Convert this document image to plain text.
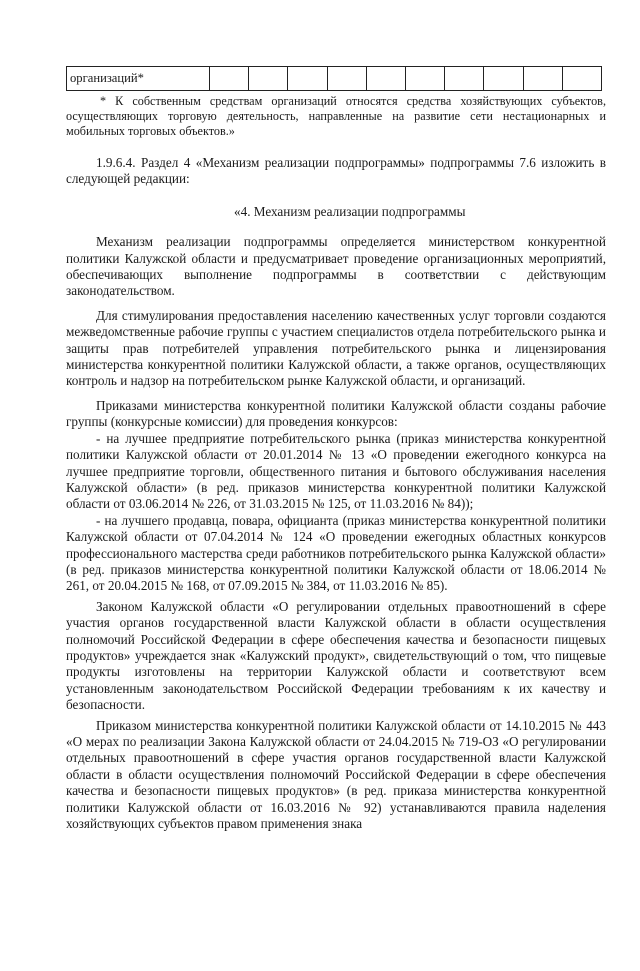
организаций*										
* К собственным средствам организаций относятся средства хозяйствующих субъектов, осуществляющих торговую деятельность, направленные на развитие сети нестационарных и мобильных торговых объектов.»

1.9.6.4. Раздел 4 «Механизм реализации подпрограммы» подпрограммы 7.6 изложить в следующей редакции:

«4. Механизм реализации подпрограммы

Механизм реализации подпрограммы определяется министерством конкурентной политики Калужской области и предусматривает проведение организационных мероприятий, обеспечивающих выполнение подпрограммы в соответствии с действующим законодательством.

Для стимулирования предоставления населению качественных услуг торговли создаются межведомственные рабочие группы с участием специалистов отдела потребительского рынка и защиты прав потребителей управления потребительского рынка и лицензирования министерства конкурентной политики Калужской области, а также органов, осуществляющих контроль и надзор на потребительском рынке Калужской области, и организаций.

Приказами министерства конкурентной политики Калужской области созданы рабочие группы (конкурсные комиссии) для проведения конкурсов:

- на лучшее предприятие потребительского рынка (приказ министерства конкурентной политики Калужской области от 20.01.2014 № 13 «О проведении ежегодного конкурса на лучшее предприятие торговли, общественного питания и бытового обслуживания населения Калужской области» (в ред. приказов министерства конкурентной политики Калужской области от 03.06.2014 № 226, от 31.03.2015 № 125, от 11.03.2016 № 84));

- на лучшего продавца, повара, официанта (приказ министерства конкурентной политики Калужской области от 07.04.2014 № 124 «О проведении ежегодных областных конкурсов профессионального мастерства среди работников потребительского рынка Калужской области» (в ред. приказов министерства конкурентной политики Калужской области от 18.06.2014 № 261, от 20.04.2015 № 168, от 07.09.2015 № 384, от 11.03.2016 № 85).

Законом Калужской области «О регулировании отдельных правоотношений в сфере участия органов государственной власти Калужской области в области осуществления полномочий Российской Федерации в сфере обеспечения качества и безопасности пищевых продуктов» учреждается знак «Калужский продукт», свидетельствующий о том, что пищевые продукты изготовлены на территории Калужской области и соответствуют всем установленным законодательством Российской Федерации требованиям к их качеству и безопасности.

Приказом министерства конкурентной политики Калужской области от 14.10.2015 № 443 «О мерах по реализации Закона Калужской области от 24.04.2015 № 719-ОЗ «О регулировании отдельных правоотношений в сфере участия органов государственной власти Калужской области в области осуществления полномочий Российской Федерации в сфере обеспечения качества и безопасности пищевых продуктов» (в ред. приказа министерства конкурентной политики Калужской области от 16.03.2016 № 92) устанавливаются правила наделения хозяйствующих субъектов правом применения знака
